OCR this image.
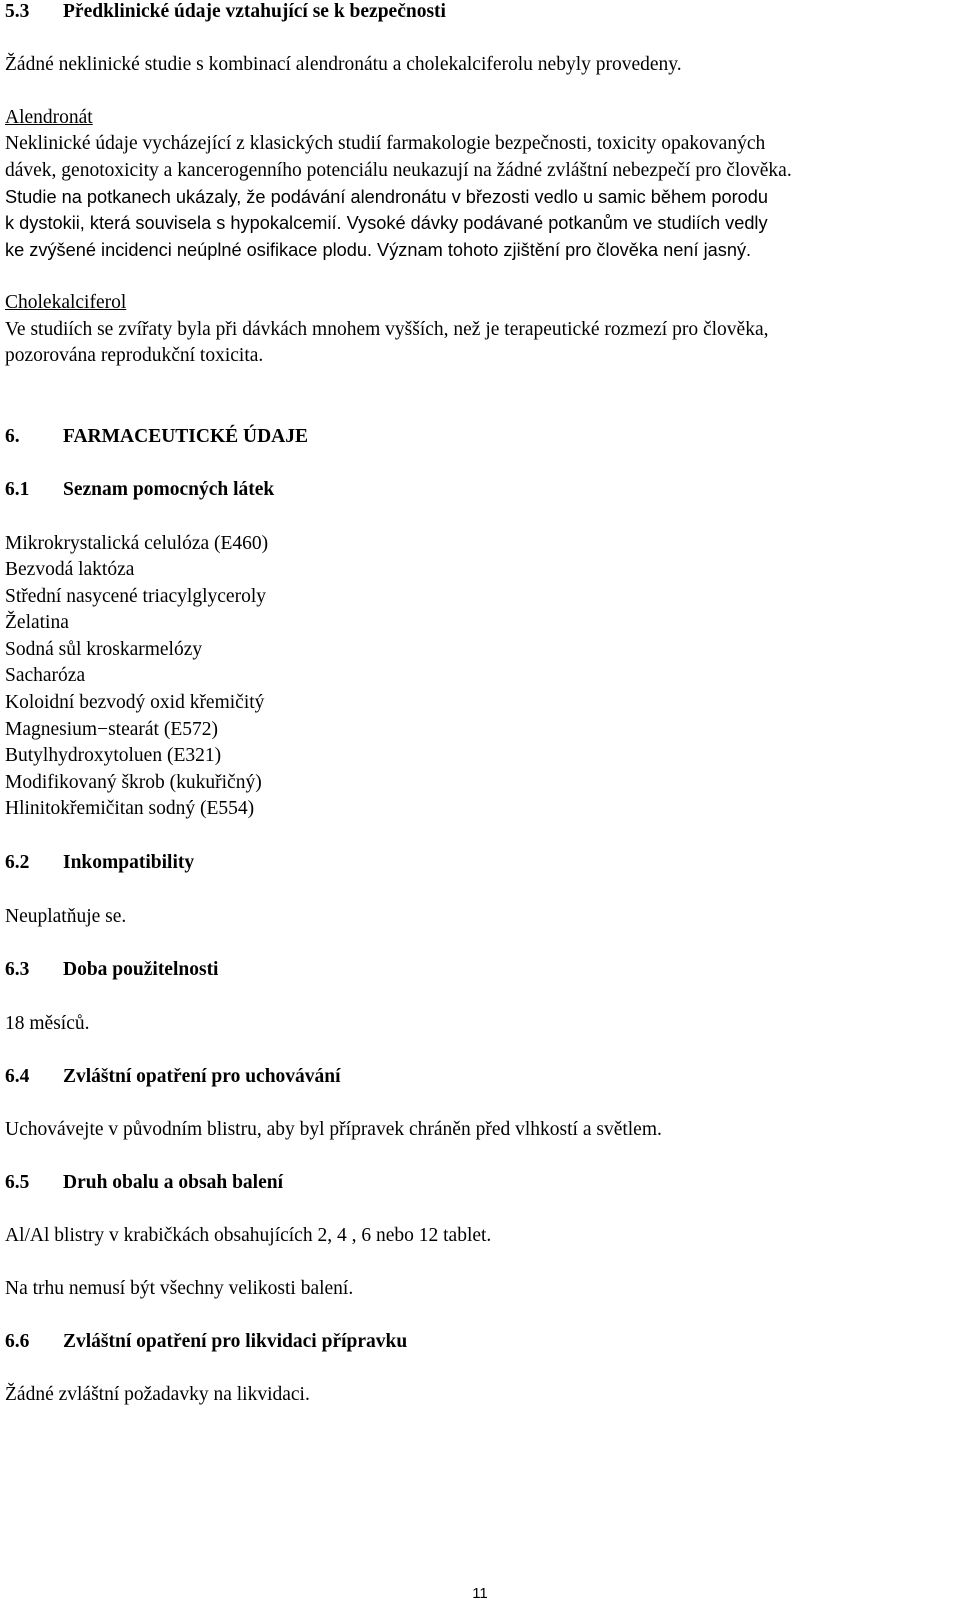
5.3 Předklinické údaje vztahující se k bezpečnosti
Žádné neklinické studie s kombinací alendronátu a cholekalciferolu nebyly provedeny.
Alendronát
Neklinické údaje vycházející z klasických studií farmakologie bezpečnosti, toxicity opakovaných
dávek, genotoxicity a kancerogenního potenciálu neukazují na žádné zvláštní nebezpečí pro člověka.
Studie na potkanech ukázaly, že podávání alendronátu v březosti vedlo u samic během porodu
k dystokii, která souvisela s hypokalcemií. Vysoké dávky podávané potkanům ve studiích vedly
ke zvýšené incidenci neúplné osifikace plodu. Význam tohoto zjištění pro člověka není jasný.
Cholekalciferol
Ve studiích se zvířaty byla při dávkách mnohem vyšších, než je terapeutické rozmezí pro člověka,
pozorována reprodukční toxicita.
6. FARMACEUTICKÉ ÚDAJE
6.1 Seznam pomocných látek
Mikrokrystalická celulóza (E460)
Bezvodá laktóza
Střední nasycené triacylglyceroly
Želatina
Sodná sůl kroskarmelózy
Sacharóza
Koloidní bezvodý oxid křemičitý
Magnesium−stearát (E572)
Butylhydroxytoluen (E321)
Modifikovaný škrob (kukuřičný)
Hlinitokřemičitan sodný (E554)
6.2 Inkompatibility
Neuplatňuje se.
6.3 Doba použitelnosti
18 měsíců.
6.4 Zvláštní opatření pro uchovávání
Uchovávejte v původním blistru, aby byl přípravek chráněn před vlhkostí a světlem.
6.5 Druh obalu a obsah balení
Al/Al blistry v krabičkách obsahujících 2, 4 , 6 nebo 12 tablet.
Na trhu nemusí být všechny velikosti balení.
6.6 Zvláštní opatření pro likvidaci přípravku
Žádné zvláštní požadavky na likvidaci.
11
